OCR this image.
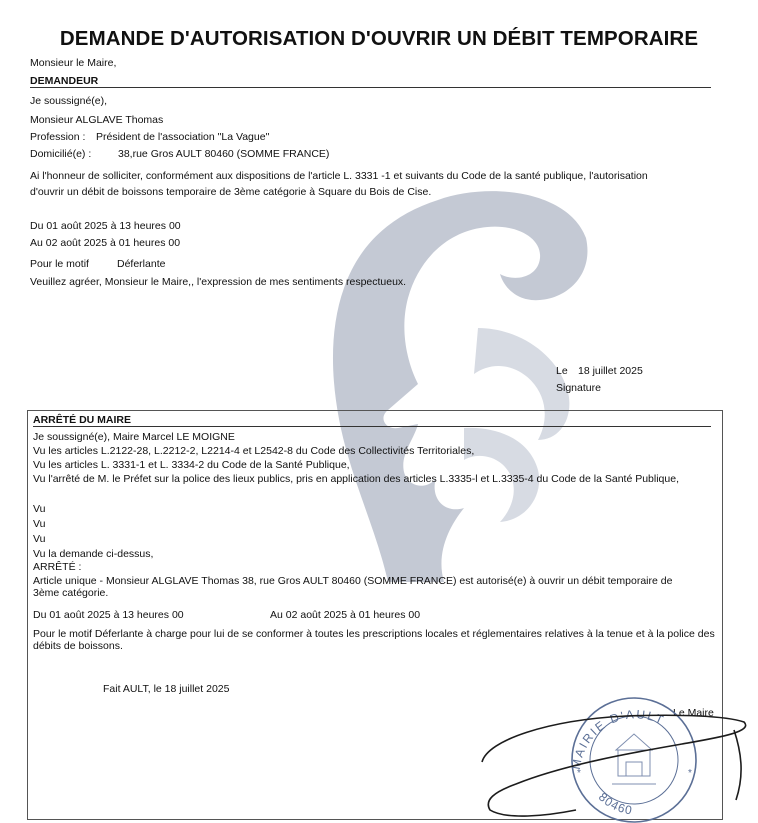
DEMANDE D'AUTORISATION D'OUVRIR UN DÉBIT TEMPORAIRE
Monsieur le Maire,
DEMANDEUR
Je soussigné(e),
Monsieur ALGLAVE Thomas
Profession : Président de l'association "La Vague"
Domicilié(e) :	38,rue Gros AULT 80460 (SOMME FRANCE)
Ai l'honneur de solliciter, conformément aux dispositions de l'article L. 3331 -1 et suivants du Code de la santé publique, l'autorisation
d'ouvrir un débit de boissons temporaire de 3ème catégorie à Square du Bois de Cise.
Du 01 août 2025 à 13 heures 00
Au 02 août 2025 à 01 heures 00
Pour le motif	Déferlante
Veuillez agréer, Monsieur le Maire,, l'expression de mes sentiments respectueux.
Le 18 juillet 2025
Signature
ARRÊTÉ DU MAIRE
Je soussigné(e), Maire Marcel LE MOIGNE
Vu les articles L.2122-28, L.2212-2, L2214-4 et L2542-8 du Code des Collectivités Territoriales,
Vu les articles L. 3331-1 et L. 3334-2 du Code de la Santé Publique,
Vu l'arrêté de M. le Préfet sur la police des lieux publics, pris en application des articles L.3335-l et L.3335-4 du Code de la Santé Publique,
Vu
Vu
Vu
Vu la demande ci-dessus,
ARRÊTÉ :
Article unique - Monsieur ALGLAVE Thomas 38, rue Gros AULT 80460 (SOMME FRANCE) est autorisé(e) à ouvrir un débit temporaire de 3ème catégorie.
Du 01 août 2025 à 13 heures 00	Au 02 août 2025 à 01 heures 00
Pour le motif Déferlante à charge pour lui de se conformer à toutes les prescriptions locales et réglementaires relatives à la tenue et à la police des débits de boissons.
Fait AULT, le 18 juillet 2025
Le Maire
MAIRIE D'AULT
80460
*	*
